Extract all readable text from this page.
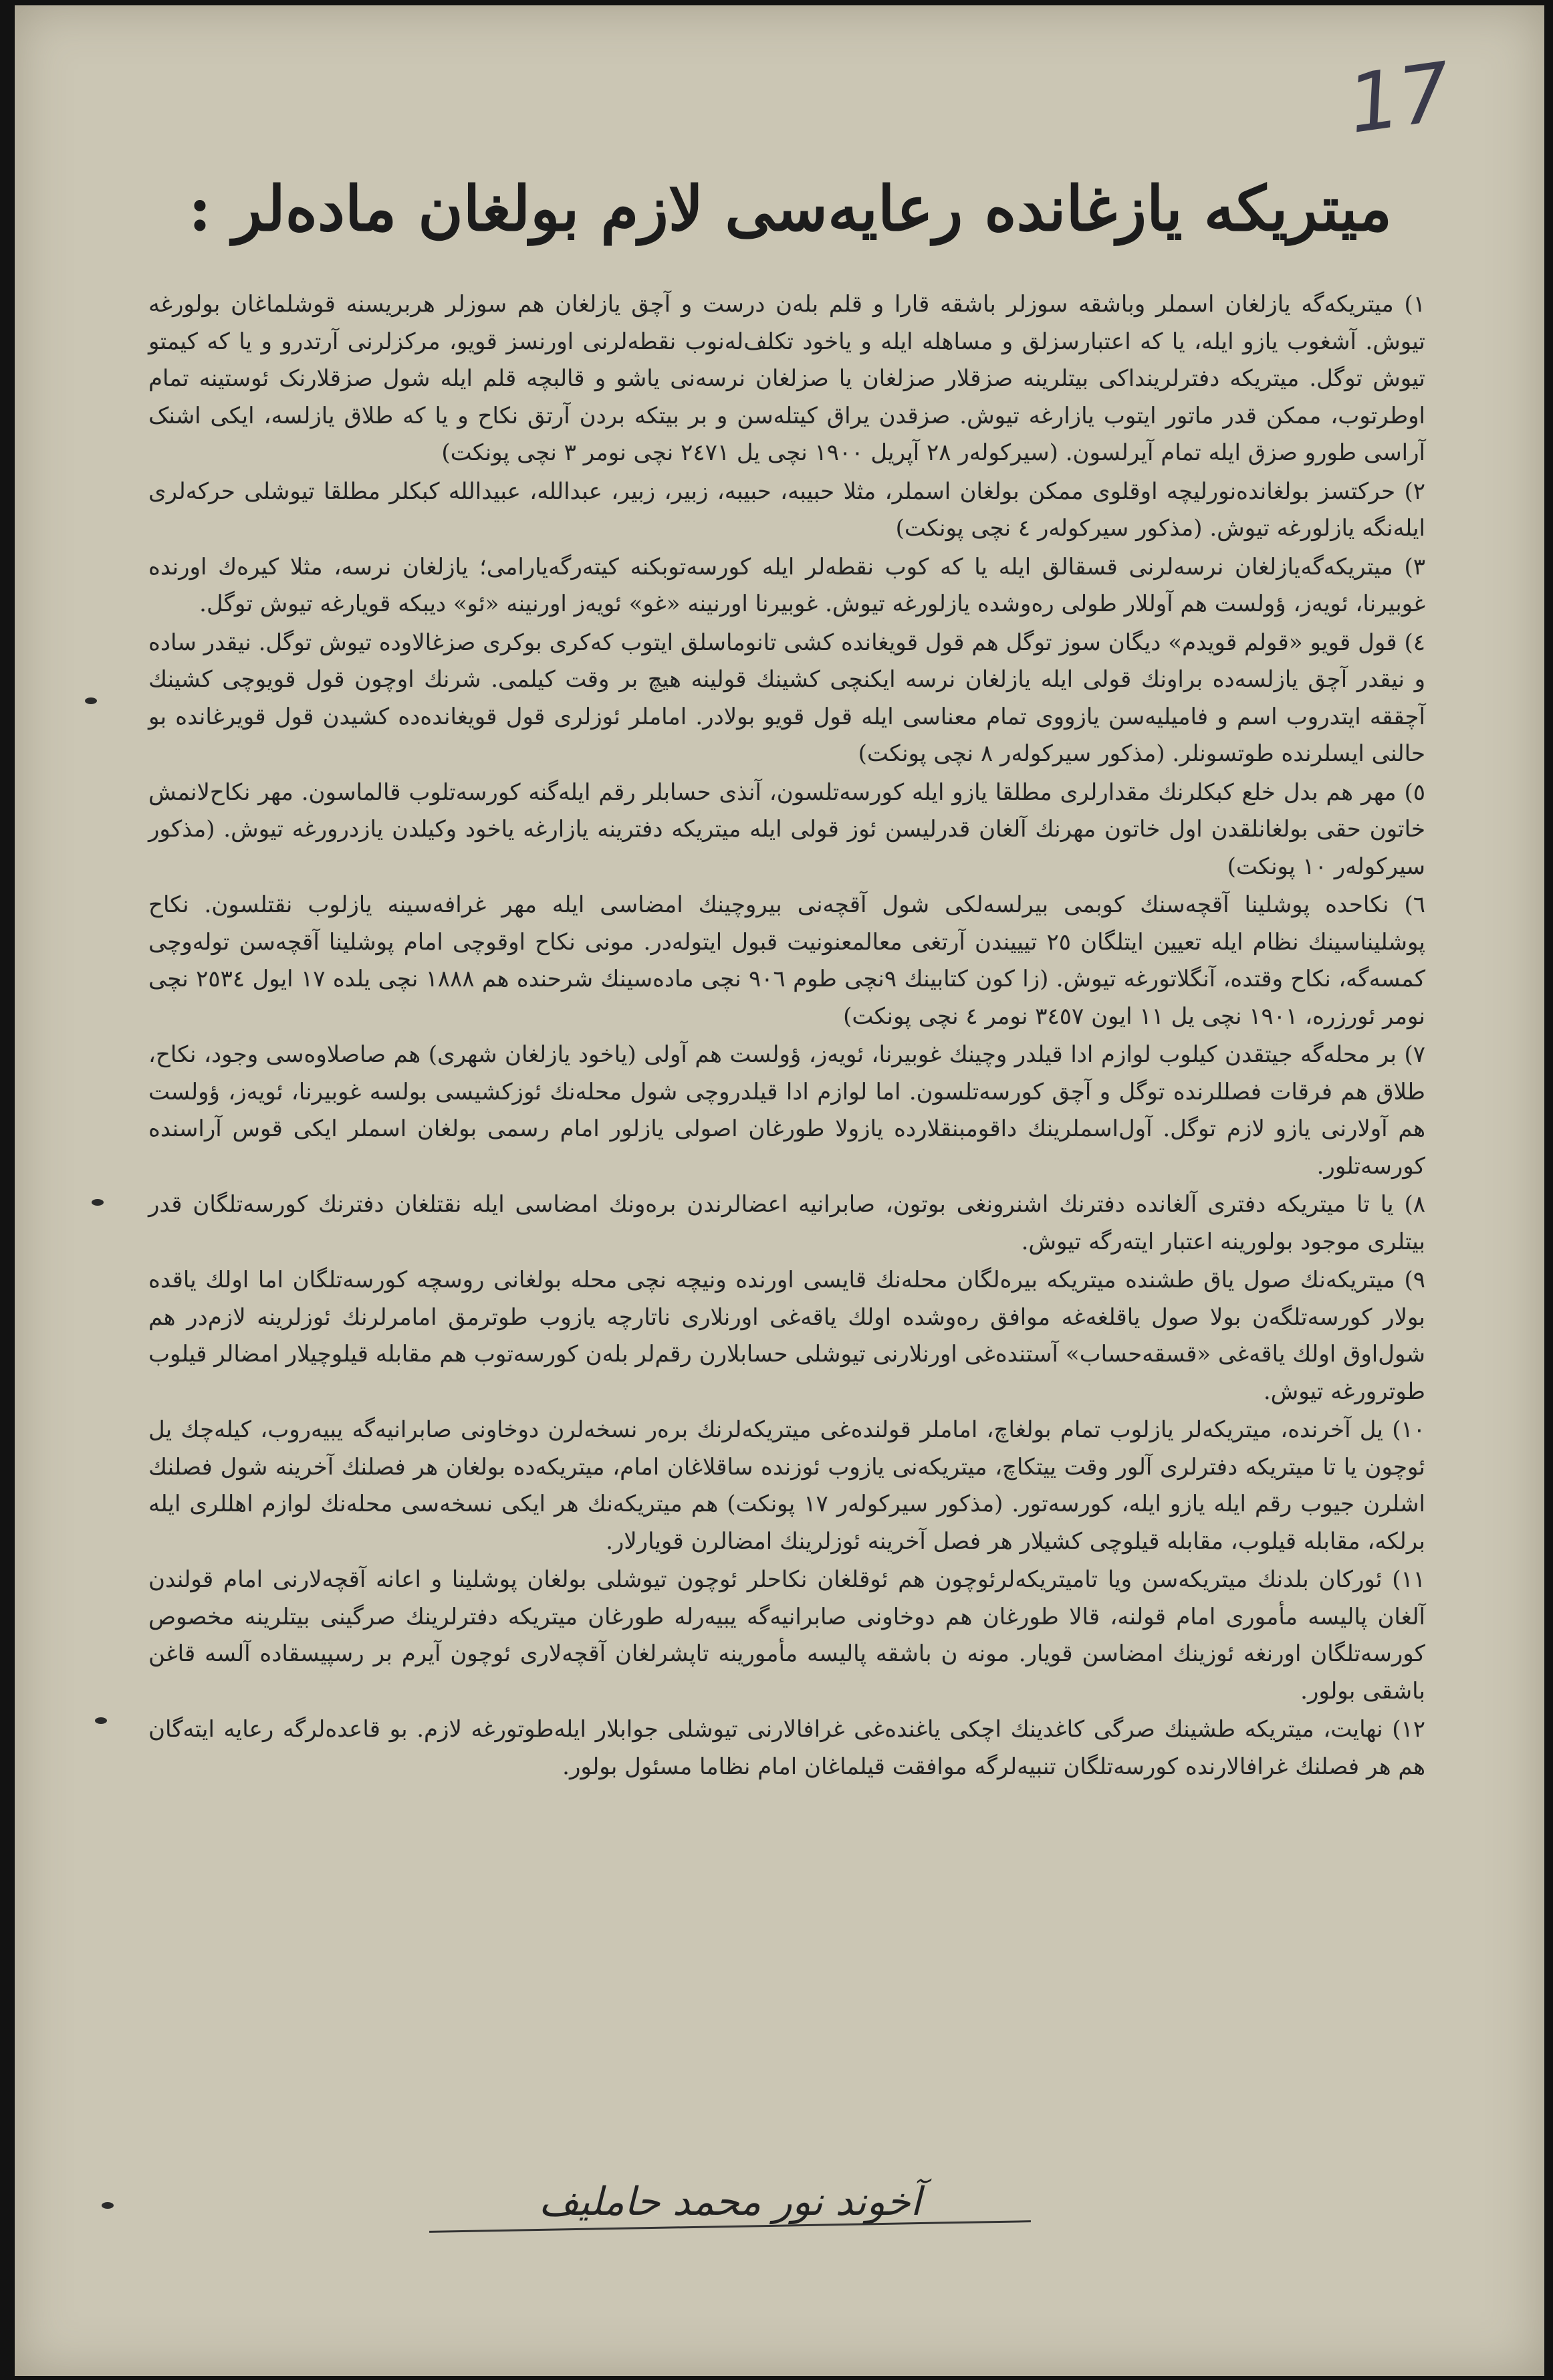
17
میتریکه یازغانده رعایه‌سی لازم بولغان ماده‌لر :

١) میتریکه‌گه یازلغان اسملر وباشقه سوزلر باشقه قارا و قلم بلەن درست و آچق یازلغان هم سوزلر هربریسنه قوشلماغان بولورغه تیوش. آشغوب یازو ایله، یا که اعتبارسزلق و مساهله ایله و یاخود تکلف‌لەنوب نقطه‌لرنی اورنسز قویو، مرکزلرنی آرتدرو و یا که کیمتو تیوش توگل. میتریکه دفترلرینداکی بیتلرینه صزقلار صزلغان یا صزلغان نرسه‌نی یاشو و قالبچه قلم ایله شول صزقلارنک ئوستینه تمام اوطرتوب، ممکن قدر ماتور ایتوب یازارغه تیوش. صزقدن یراق کیتله‌سن و بر بیتکه بردن آرتق نکاح و یا که طلاق یازلسه، ایکی اشنک آراسی طورو صزق ایله تمام آیرلسون. (سیرکولەر ٢٨ آپریل ١٩٠٠ نچی یل ٢٤٧١ نچی نومر ٣ نچی پونکت)

٢) حرکتسز بولغانده‌نورلیچه اوقلوی ممکن بولغان اسملر، مثلا حبیبه، حبیبه، زبیر، زبیر، عبدالله، عبیدالله کبکلر مطلقا تیوشلی حرکه‌لری ایله‌نگه یازلورغه تیوش. (مذکور سیرکولەر ٤ نچی پونکت)

٣) میتریکه‌گه‌یازلغان نرسه‌لرنی قسقالق ایله یا که کوب نقطه‌لر ایله کورسه‌توبکنه کیته‌رگه‌یارامی؛ یازلغان نرسه، مثلا کیرەك اورنده غوبیرنا، ئویەز، ؤولست هم آوللار طولی رەوشده یازلورغه تیوش. غوبیرنا اورنینه «غو» ئویەز اورنینه «ئو» دیبکه قویارغه تیوش توگل.

٤) قول قویو «قولم قویدم» دیگان سوز توگل هم قول قویغانده کشی تانوماسلق ایتوب کەکری بوکری صزغالاوده تیوش توگل. نیقدر ساده و نیقدر آچق یازلسه‌ده براونك قولی ایله یازلغان نرسه ایکنچی کشینك قولینه هیچ بر وقت کیلمی. شرنك اوچون قول قویوچی کشینك آچققه ایتدروب اسم و فامیلیه‌سن یازووی تمام معناسی ایله قول قویو بولادر. اماملر ئوزلری قول قویغانده‌ده کشیدن قول قویرغانده بو حالنی ایسلرنده طوتسونلر. (مذکور سیرکولەر ٨ نچی پونکت)

٥) مهر هم بدل خلع کبکلرنك مقدارلری مطلقا یازو ایله کورسه‌تلسون، آنذی حسابلر رقم ایله‌گنه کورسه‌تلوب قالماسون. مهر نکاح‌لانمش خاتون حقی بولغانلقدن اول خاتون مهرنك آلغان قدرلیسن ئوز قولی ایله میتریکه دفترینه یازارغه یاخود وکیلدن یازدرورغه تیوش. (مذکور سیرکولەر ١٠ پونکت)

٦) نکاحده پوشلینا آقچه‌سنك کوبمی بیرلسەلکی شول آقچه‌نی بیروچینك امضاسی ایله مهر غرافه‌سینه یازلوب نقتلسون. نکاح پوشلیناسینك نظام ایله تعیین ایتلگان ٢٥ تیییندن آرتغی معالمعنونیت قبول ایتوله‌در. مونی نکاح اوقوچی امام پوشلینا آقچه‌سن تولەوچی کمسه‌گه، نکاح وقتده، آنگلاتورغه تیوش. (زا کون کتابینك ٩نچی طوم ٩٠٦ نچی ماده‌سینك شرحنده هم ١٨٨٨ نچی یلده ١٧ ایول ٢٥٣٤ نچی نومر ئورزره، ١٩٠١ نچی یل ١١ ایون ٣٤٥٧ نومر ٤ نچی پونکت)

٧) بر محله‌گه جیتقدن کیلوب لوازم ادا قیلدر وچینك غوبیرنا، ئویەز، ؤولست هم آولی (یاخود یازلغان شهری) هم صاصلاوه‌سی وجود، نکاح، طلاق هم فرقات فصللرنده توگل و آچق کورسه‌تلسون. اما لوازم ادا قیلدروچی شول محله‌نك ئوزکشیسی بولسه غوبیرنا، ئویەز، ؤولست هم آولارنی یازو لازم توگل. آول‌اسملرینك داقومبنقلارده یازولا طورغان اصولی یازلور امام رسمی بولغان اسملر ایکی قوس آراسنده کورسه‌تلور.

٨) یا تا میتریکه دفتری آلغانده دفترنك اشنرونغی بوتون، صابرانیه اعضالرندن برەونك امضاسی ایله نقتلغان دفترنك کورسه‌تلگان قدر بیتلری موجود بولورینه اعتبار ایتەرگه تیوش.

٩) میتریکه‌نك صول یاق طشنده میتریکه بیره‌لگان محله‌نك قایسی اورنده ونیچه نچی محله بولغانی روسچه کورسه‌تلگان اما اولك یاقده بولار کورسه‌تلگه‌ن بولا صول یاقلغه‌غه موافق رەوشده اولك یاقه‌غی اورنلاری ناتارچه یازوب طوترمق امامرلرنك ئوزلرینه لازم‌در هم شول‌اوق اولك یاقه‌غی «قسقه‌حساب» آستنده‌غی اورنلارنی تیوشلی حسابلارن رقم‌لر بلەن کورسه‌توب هم مقابله قیلوچیلار امضالر قیلوب طوترورغه تیوش.

١٠) یل آخرنده، میتریکه‌لر یازلوب تمام بولغاچ، اماملر قولنده‌غی میتریکه‌لرنك برەر نسخه‌لرن دوخاونی صابرانیه‌گه یبیه‌روب، کیله‌چك یل ئوچون یا تا میتریکه دفترلری آلور وقت ییتکاچ، میتریکه‌نی یازوب ئوزنده ساقلاغان امام، میتریکه‌ده بولغان هر فصلنك آخرینه شول فصلنك اشلرن جیوب رقم ایله یازو ایله، کورسه‌تور. (مذکور سیرکولەر ١٧ پونکت) هم میتریکه‌نك هر ایکی نسخه‌سی محله‌نك لوازم اهللری ایله برلکه، مقابله قیلوب، مقابله قیلوچی کشیلار هر فصل آخرینه ئوزلرینك امضالرن قویارلار.

١١) ئورکان بلدنك میتریکه‌سن ویا تامیتریکه‌لرئوچون هم ئوقلغان نکاحلر ئوچون تیوشلی بولغان پوشلینا و اعانه آقچه‌لارنی امام قولندن آلغان پالیسه مأموری امام قولنه، قالا طورغان هم دوخاونی صابرانیه‌گه یبیه‌رله طورغان میتریکه دفترلرینك صرگینی بیتلرینه مخصوص کورسه‌تلگان اورنغه ئوزینك امضاسن قویار. مونه ن باشقه پالیسه مأمورینه تاپشرلغان آقچه‌لاری ئوچون آیرم بر رسپیسقاده آلسه قاغن باشقی بولور.

١٢) نهایت، میتریکه طشینك صرگی کاغدینك اچکی یاغنده‌غی غرافالارنی تیوشلی جوابلار ایله‌طوتورغه لازم. بو قاعده‌لرگه رعایه ایته‌گان هم هر فصلنك غرافالارنده کورسه‌تلگان تنبیه‌لرگه موافقت قیلماغان امام نظاما مسئول بولور.

آخوند نور محمد حاملیف
